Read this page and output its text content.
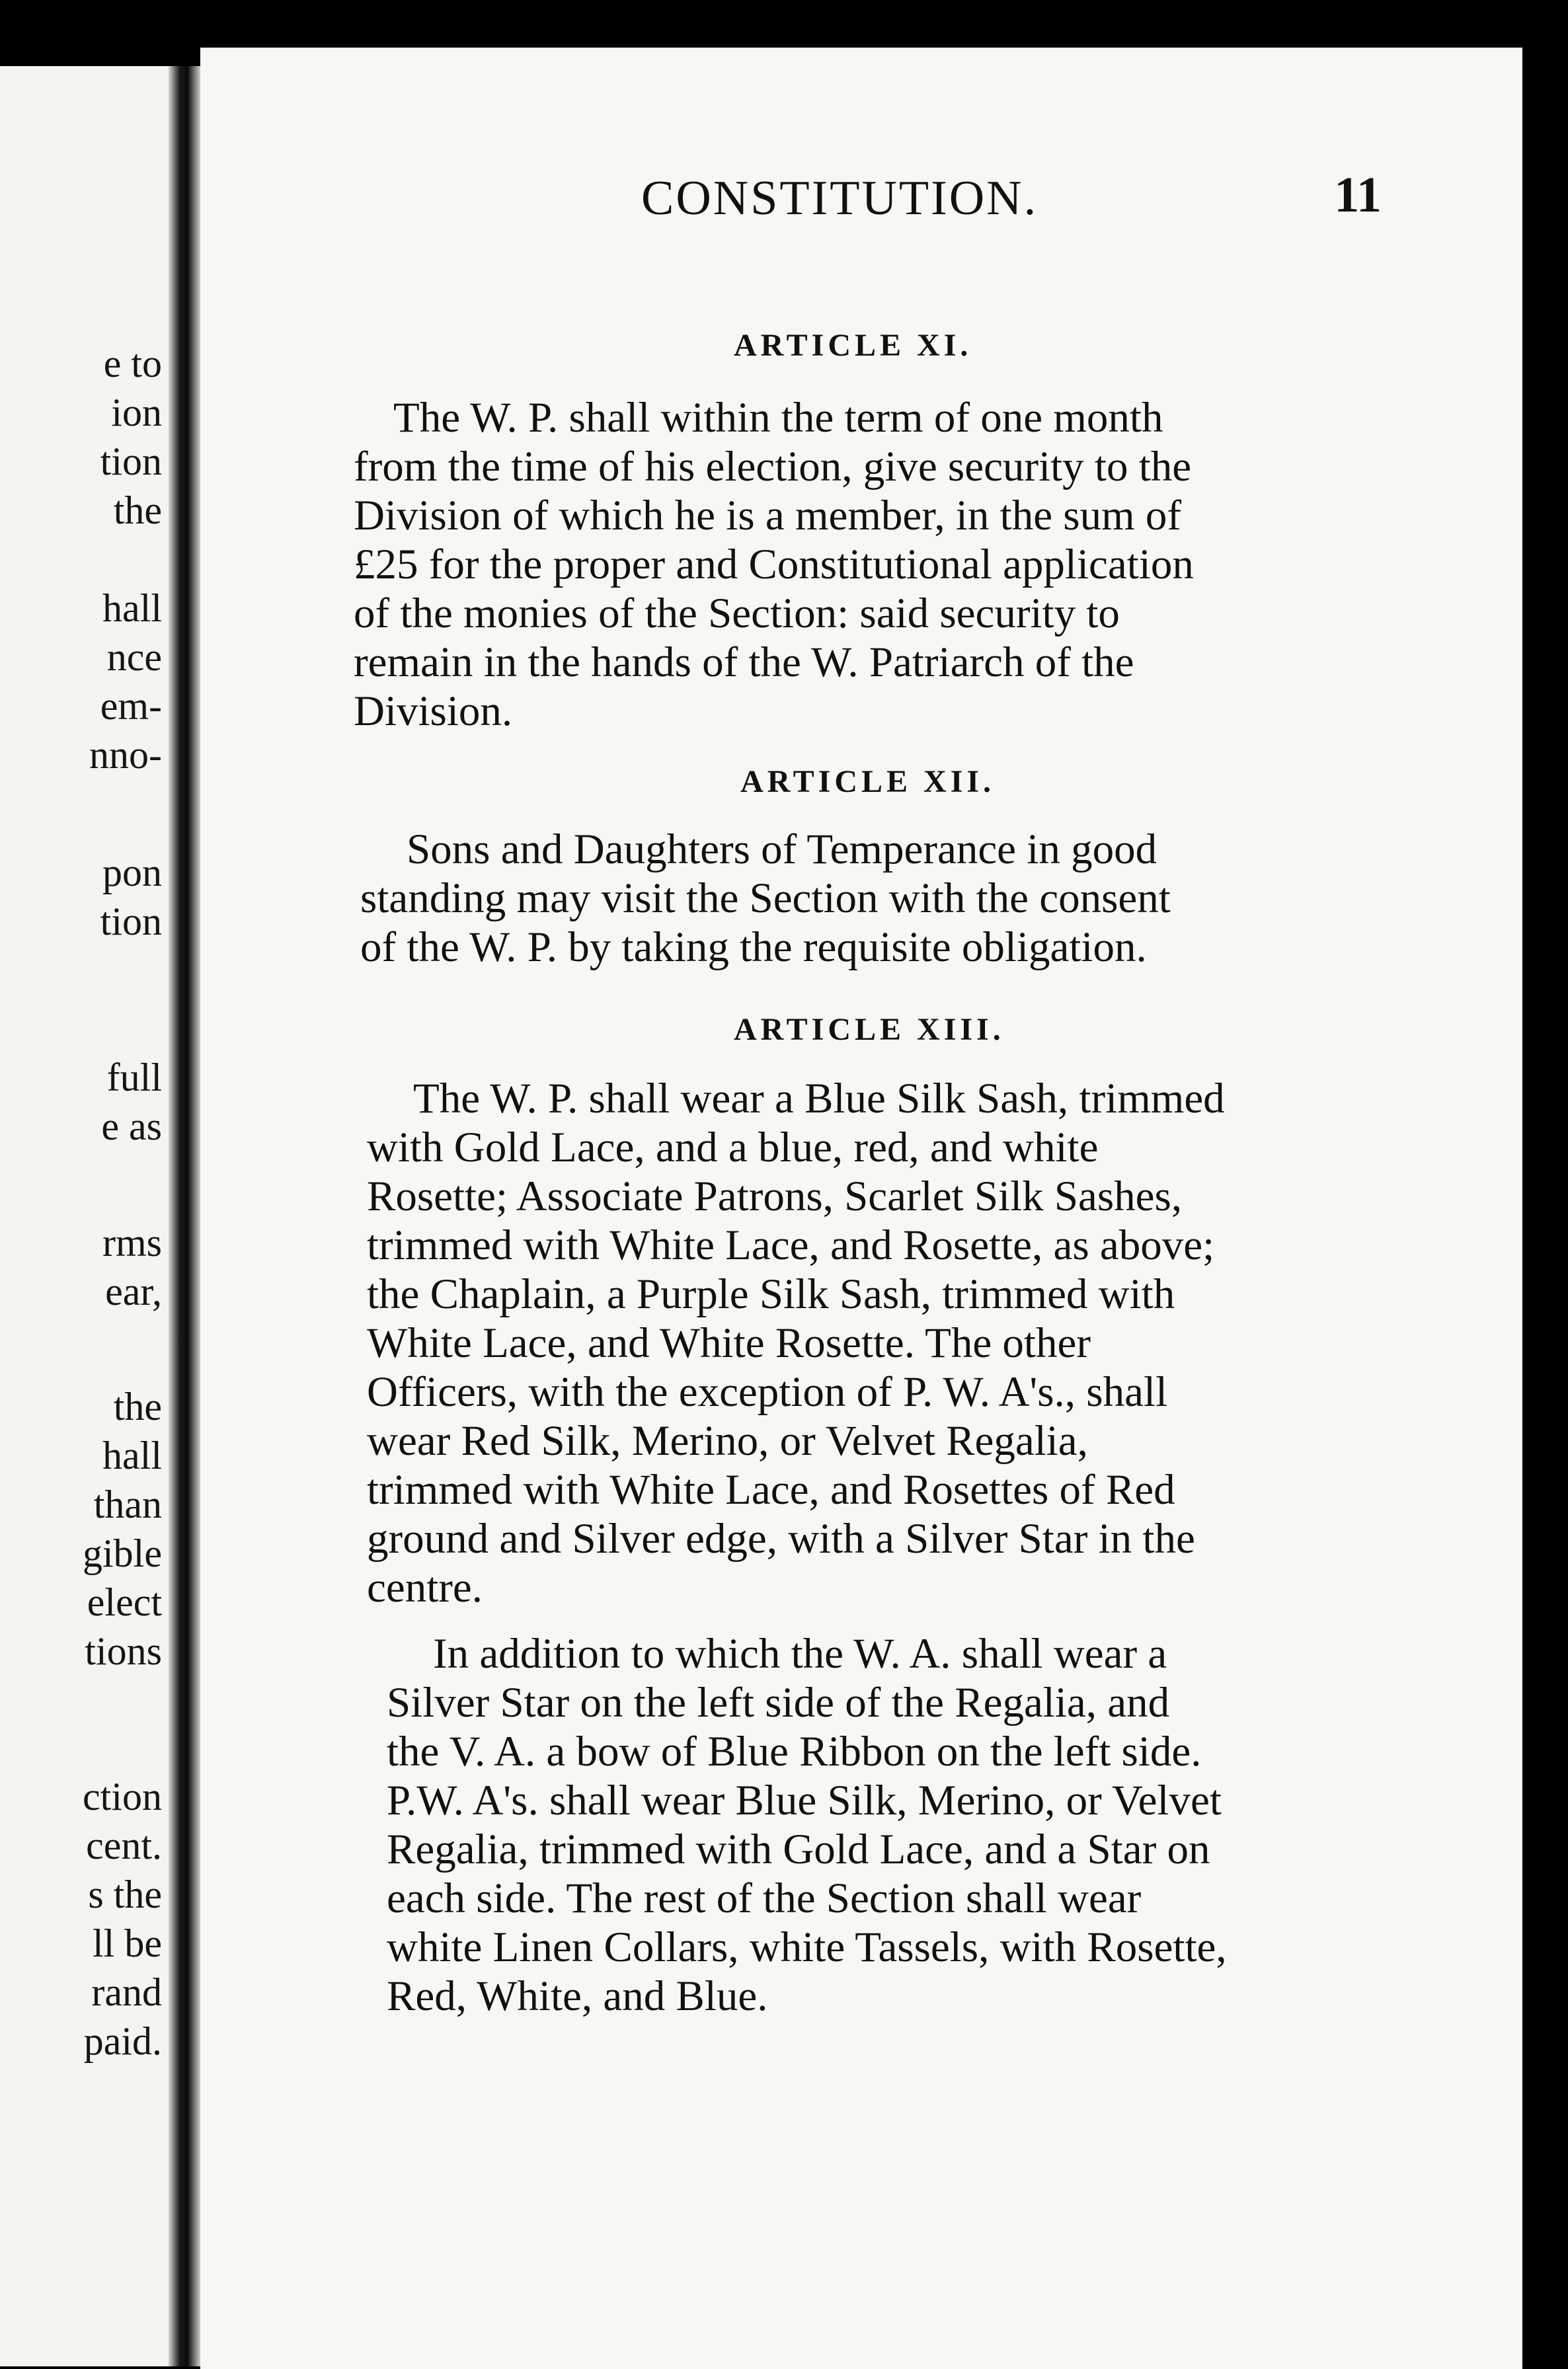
e to
ion
tion
the
hall
nce
em-
nno-
pon
tion
full
e as
rms
ear,
the
hall
than
gible
elect
tions
ction
cent.
s the
ll be
rand
paid.
CONSTITUTION.	11
ARTICLE XI.
The W. P. shall within the term of one month
from the time of his election, give security to the
Division of which he is a member, in the sum of
£25 for the proper and Constitutional application
of the monies of the Section: said security to
remain in the hands of the W. Patriarch of the
Division.
ARTICLE XII.
Sons and Daughters of Temperance in good
standing may visit the Section with the consent
of the W. P. by taking the requisite obligation.
ARTICLE XIII.
The W. P. shall wear a Blue Silk Sash, trimmed
with Gold Lace, and a blue, red, and white
Rosette; Associate Patrons, Scarlet Silk Sashes,
trimmed with White Lace, and Rosette, as above;
the Chaplain, a Purple Silk Sash, trimmed with
White Lace, and White Rosette. The other
Officers, with the exception of P. W. A's., shall
wear Red Silk, Merino, or Velvet Regalia,
trimmed with White Lace, and Rosettes of Red
ground and Silver edge, with a Silver Star in the
centre.
In addition to which the W. A. shall wear a
Silver Star on the left side of the Regalia, and
the V. A. a bow of Blue Ribbon on the left side.
P.W. A's. shall wear Blue Silk, Merino, or Velvet
Regalia, trimmed with Gold Lace, and a Star on
each side. The rest of the Section shall wear
white Linen Collars, white Tassels, with Rosette,
Red, White, and Blue.
